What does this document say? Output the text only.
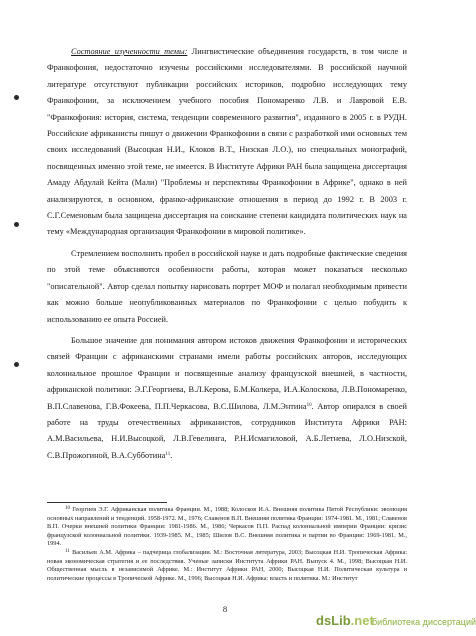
Состояние изученности темы: Лингвистические объединения государств, в том числе и Франкофония, недостаточно изучены российскими исследователями. В российской научной литературе отсутствуют публикации российских историков, подробно исследующих тему Франкофонии, за исключением учебного пособия Пономаренко Л.В. и Лавровой Е.В. "Франкофония: история, система, тенденции современного развития", изданного в 2005 г. в РУДН. Российские африканисты пишут о движении Франкофонии в связи с разработкой ими основных тем своих исследований (Высоцкая Н.И., Клоков В.Т., Низская Л.О.), но специальных монографий, посвященных именно этой теме, не имеется. В Институте Африки РАН была защищена диссертация Амаду Абдулай Кейта (Мали) "Проблемы и перспективы Франкофонии в Африке", однако в ней анализируются, в основном, франко-африканские отношения в период до 1992 г. В 2003 г. С.Г.Семеновым была защищена диссертация на соискание степени кандидата политических наук на тему «Международная организация Франкофонии в мировой политике».

Стремлением восполнить пробел в российской науке и дать подробные фактические сведения по этой теме объясняются особенности работы, которая может показаться несколько "описательной". Автор сделал попытку нарисовать портрет МОФ и полагал необходимым привести как можно больше неопубликованных материалов по Франкофонии с целью побудить к использованию ее опыта Россией.

Большое значение для понимания автором истоков движения Франкофонии и исторических связей Франции с африканскими странами имели работы российских авторов, исследующих колониальное прошлое Франции и посвященные анализу французской внешней, в частности, африканской политики: Э.Г.Георгиева, В.Л.Керова, Б.М.Колкера, И.А.Колоскова, Л.В.Пономаренко, В.П.Славенова, Г.В.Фокеева, П.П.Черкасова, В.С.Шилова, Л.М.Энтина$^{10}$. Автор опирался в своей работе на труды отечественных африканистов, сотрудников Института Африки РАН: А.М.Васильева, Н.И.Высоцкой, Л.В.Гевелинга, Р.Н.Исмагиловой, А.Б.Летнева, Л.О.Низской, С.В.Прожогиной, В.А.Субботина$^{11}$.

$^{10}$ Георгиев Э.Г. Африканская политика Франции. М., 1988; Колосков И.А. Внешняя политика Пятой Республики: эволюция основных направлений и тенденций. 1958-1972. М., 1976; Славенов В.П. Внешняя политика Франции: 1974-1981. М., 1981; Славенов В.П. Очерки внешней политики Франции: 1981-1986. М., 1986; Черкасов П.П. Распад колониальной империи Франции: кризис французской колониальной политики. 1939-1985. М., 1985; Шилов В.С. Внешняя политика и партии во Франции: 1969-1981. М., 1994.

$^{11}$ Васильев А.М. Африка – падчерица глобализации. М.: Восточная литература, 2003; Высоцкая Н.И. Тропическая Африка: новая экономическая стратегия и ее последствия. Ученые записки Института Африки РАН. Выпуск 4. М., 1998; Высоцкая Н.И. Общественная мысль в независимой Африке. М.: Институт Африки РАН, 2000; Высоцкая Н.И. Политическая культура и политические процессы в Тропической Африке. М., 1996; Высоцкая Н.И. Африка: власть и политика. М.: Институт

8
dsLib.net
библиотека диссертаций
